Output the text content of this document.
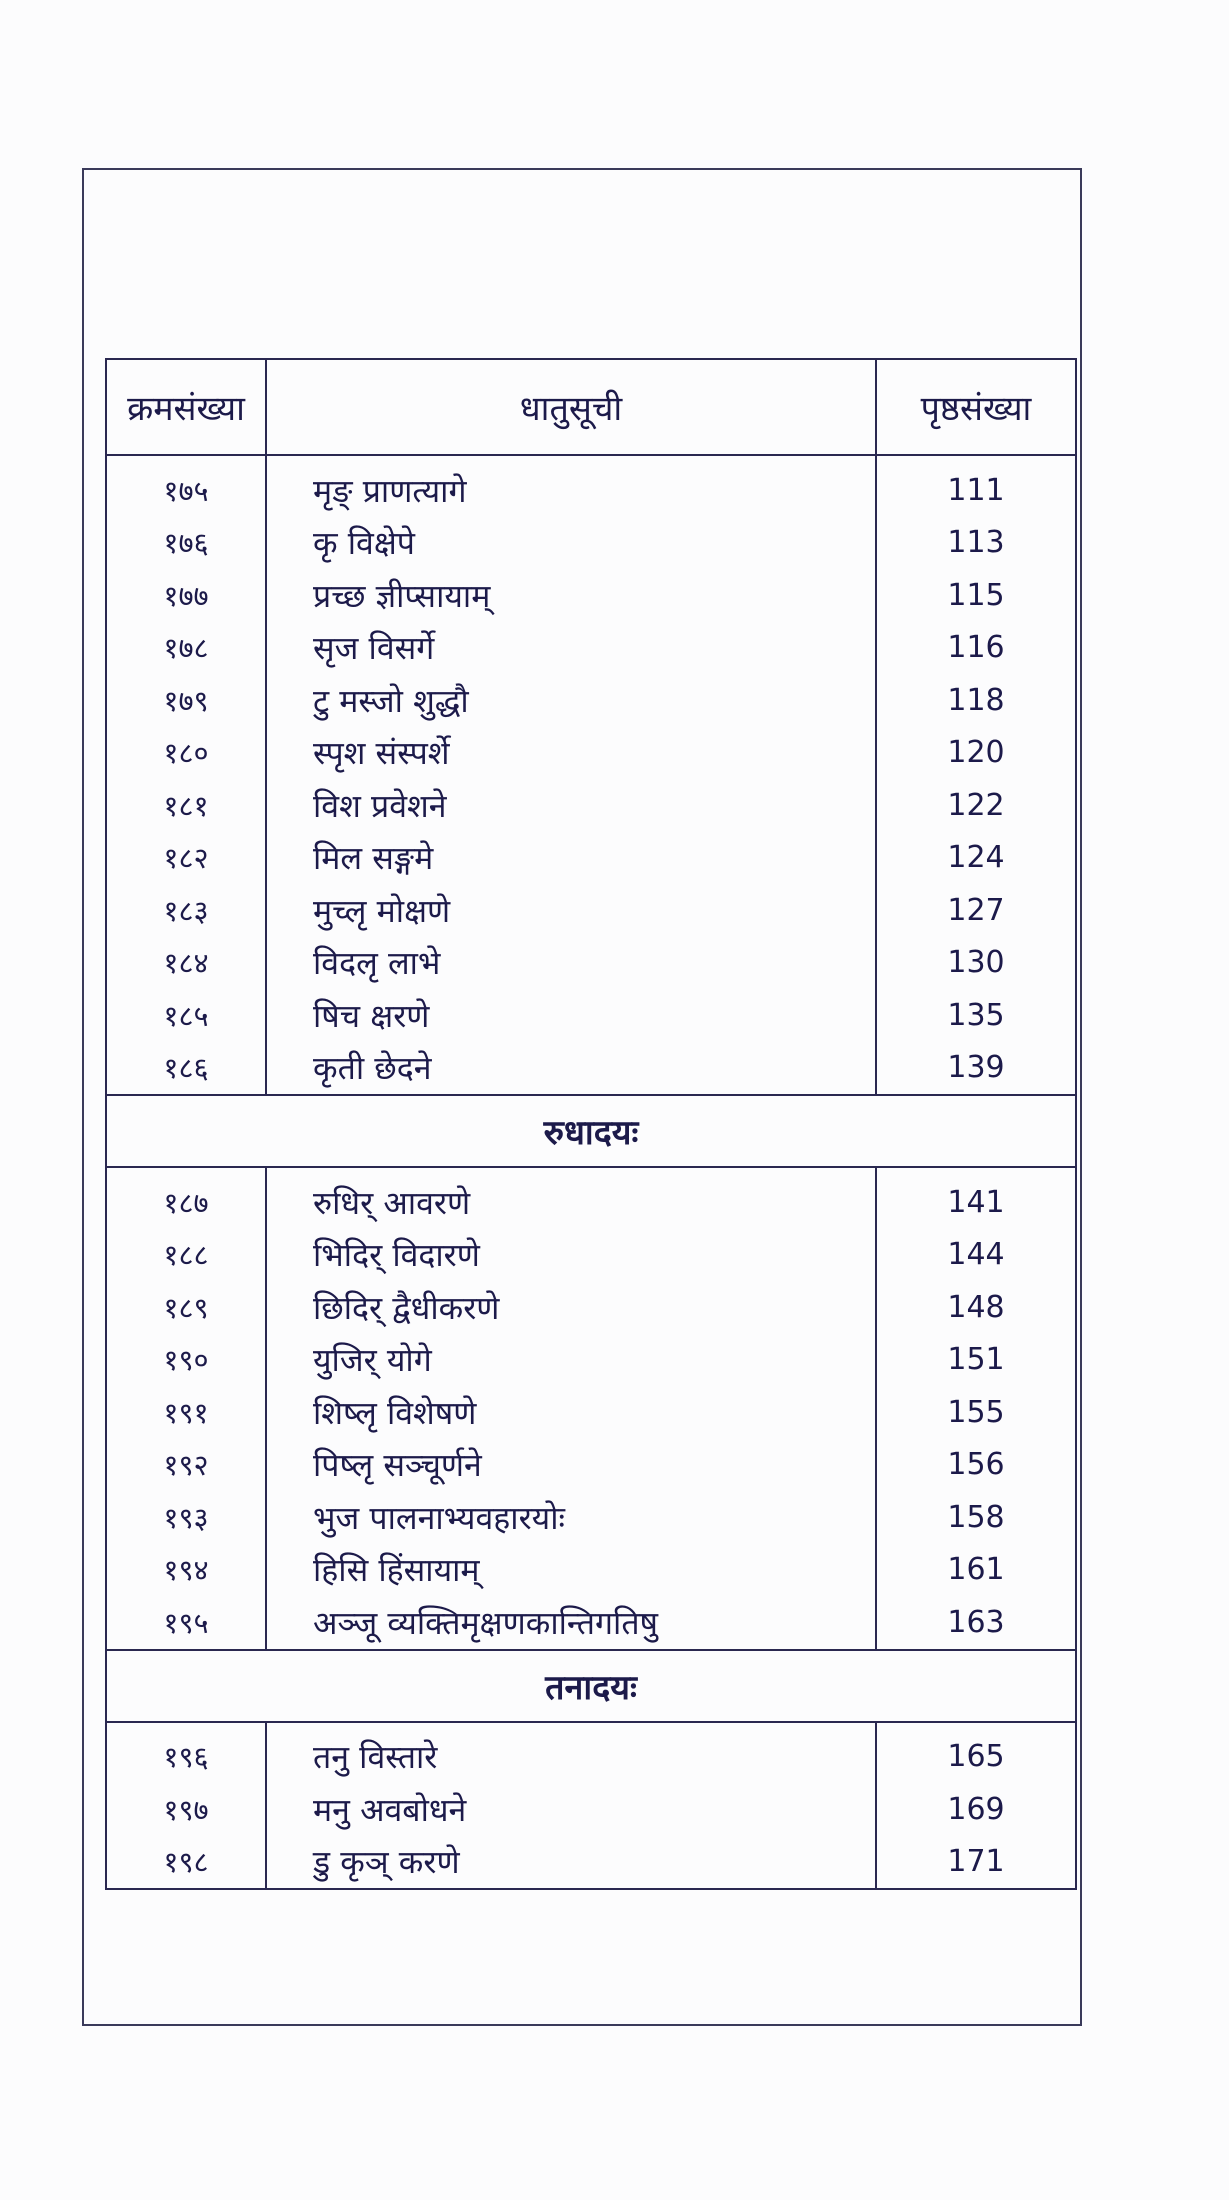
क्रमसंख्या	धातुसूची	पृष्ठसंख्या
१७५	मृङ् प्राणत्यागे	111
१७६	कृ विक्षेपे	113
१७७	प्रच्छ ज्ञीप्सायाम्	115
१७८	सृज विसर्गे	116
१७९	टु मस्जो शुद्धौ	118
१८०	स्पृश संस्पर्शे	120
१८१	विश प्रवेशने	122
१८२	मिल सङ्गमे	124
१८३	मुच्लृ मोक्षणे	127
१८४	विदलृ लाभे	130
१८५	षिच क्षरणे	135
१८६	कृती छेदने	139
रुधादयः		
१८७	रुधिर् आवरणे	141
१८८	भिदिर् विदारणे	144
१८९	छिदिर् द्वैधीकरणे	148
१९०	युजिर् योगे	151
१९१	शिष्लृ विशेषणे	155
१९२	पिष्लृ सञ्चूर्णने	156
१९३	भुज पालनाभ्यवहारयोः	158
१९४	हिसि हिंसायाम्	161
१९५	अञ्जू व्यक्तिमृक्षणकान्तिगतिषु	163
तनादयः		
१९६	तनु विस्तारे	165
१९७	मनु अवबोधने	169
१९८	डु कृञ् करणे	171
